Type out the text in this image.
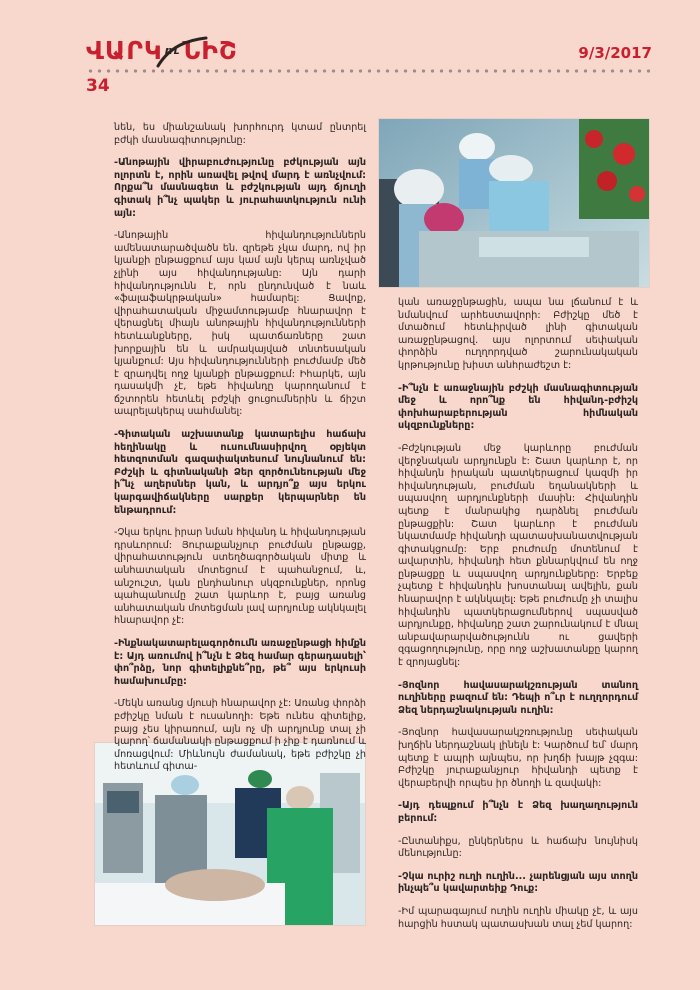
ՎԱՐԿ ուՆԻՇ	9/3/2017
34

նեն, ես միանշանակ խորհուրդ կտամ ընտրել բժկի մասնագիտությունը:

-Անոթային վիրաբուժությունը բժկության այն ոլորտն է, որին առավել թվով մարդ է առնչվում: Որքա՞ն մասնագետ և բժշկության այդ ճյուղի գիտակ ի՞նչ պակեր և յուրահատկություն ունի այն:

-Անոթային հիվանդություններն ամենատարածվածն են. զրեթե չկա մարդ, ով իր կյանքի ընթացքում այս կամ այն կերպ առնչված չլինի այս հիվանդությանը: Այն դարի հիվանդությունն է, որն ընդունված է նաև «ֆալաֆակրթական» համարել: Ցավոք, վիրահատական միջամտությամբ հնարավոր է վերացնել միայն անոթային հիվանդությունների հետևանքները, իսկ պատճառները շատ խորքային են և ամրակայված տնտեսական կյանքում: Այս հիվանդությունների բուժմամբ մեծ է զրադվել ողջ կյանքի ընթացքում: Իհարկե, այն դասակմի չէ, եթե հիվանդը կարողանում է ճշտորեն հետևել բժշկի ցուցումներին և ճիշտ ապրելակերպ սահմանել:

-Գիտական աշխատանք կատարելիս հաճախ հեղինակը և ուսումնասիրվող օբյեկտ հետզոտման գազափակտեսում նույնանում են: Բժշկի և գիտնականի Ձեր զործունեության մեջ ի՞նչ աղերսներ կան, և արդյո՞ք այս երկու կարգավիճակները սարքեր կերպարներ են ենթադրում:

-Չկա երկու իրար նման հիվանդ և հիվանդության դրսևորում: Յուրաքանչյուր բուժման ընթացք, վիրահատություն ստեղծագործական միտք և անհատական մոտեցում է պահանջում, և, անշուշտ, կան ընդհանուր սկզբունքներ, որոնց պահպանումը շատ կարևոր է, բայց առանց անհատական մոտեցման լավ արդյունք ակնկալել հնարավոր չէ:

-Ինքնակատարելագործումն առաջընթացի հիմքն է: Այդ առումով ի՞նչն է Ձեզ համար գերադասելի՝ փո՞րձը, նոր գիտելիքնե՞րը, թե՞ այս երկուսի համախումբը:

-Մեկն առանց մյուսի հնարավոր չէ: Առանց փորձի բժիշկը նման է ուսանողի: Եթե ունես գիտելիք, բայց չես կիրառում, այն ոչ մի արդյունք տալ չի կարող՝ ճամանակի ընթացքում ի չիք է դառնում և մոռացվում: Միևնույն ժամանակ, եթե բժիշկը չի հետևում գիտա-

կան առաջընթացին, ապա նա լճանում է և նմանվում արհեստավորի: Բժիշկը մեծ է մտածում հետևիրված լինի գիտական առաջընթացով. այս ոլորտում սեփական փորձին ուղղորդված շարունակական կրթությունը խիստ անհրաժեշտ է:

-Ի՞նչն է առաջնային բժշկի մասնագիտության մեջ և որո՞նք են հիվանդ-բժիշկ փոխհարաբերության հիմնական սկզբունքները:

-Բժշկության մեջ կարևորը բուժման վերջնական արդյունքն է: Շատ կարևոր է, որ հիվանդն իրական պատկերացում կազմի իր հիվանդության, բուժման եղանակների և սպասվող արդյունքների մասին: Հիվանդին պետք է մանրակից դարձնել բուժման ընթացքին: Շատ կարևոր է բուժման նկատմամբ հիվանդի պատասխանատվության գիտակցումը: Երբ բուժումը մոտենում է ավարտին, հիվանդի հետ քննարկվում են ողջ ընթացքը և սպասվող արդյունքները: Երբեք չպետք է հիվանդին խոստանալ ավելին, քան հնարավոր է ակնկալել: Եթե բուժումը չի տալիս հիվանդին պատկերացումներով սպասված արդյունքը, հիվանդը շատ շարունակում է մնալ անբավարարվածությունն ու ցավերի զգացողությունը, որը ողջ աշխատանքը կարող է զրոյացնել:

-Յոզնոր հավասարակշռության տանող ուղիները բազում են: Դեպի ո՞ւր է ուղղորդում Ձեզ ներդաշնակության ուղին:

-Յոզնոր հավասարակշռությունը սեփական խղճին ներդաշնակ լինելն է: Կարծում եմ՝ մարդ պետք է ապրի այնպես, որ խղճի խայթ չզգա: Բժիշկը յուրաքանչյուր հիվանդի պետք է վերաբերվի որպես իր ծնողի և զավակի:

-Այդ դեպքում ի՞նչն է Ձեզ խաղաղություն բերում:

-Ընտանիքս, ընկերներս և հաճախ նույնիսկ մենությունը:

-Չկա ուրիշ ուղի ուղին... չարենցյան այս տողն ինչպե՞ս կավարտեիք Դուք:

-Իմ պարագայում ուղին ուղին միակը չէ, և այս հարցին հստակ պատասխան տալ չեմ կարող:
